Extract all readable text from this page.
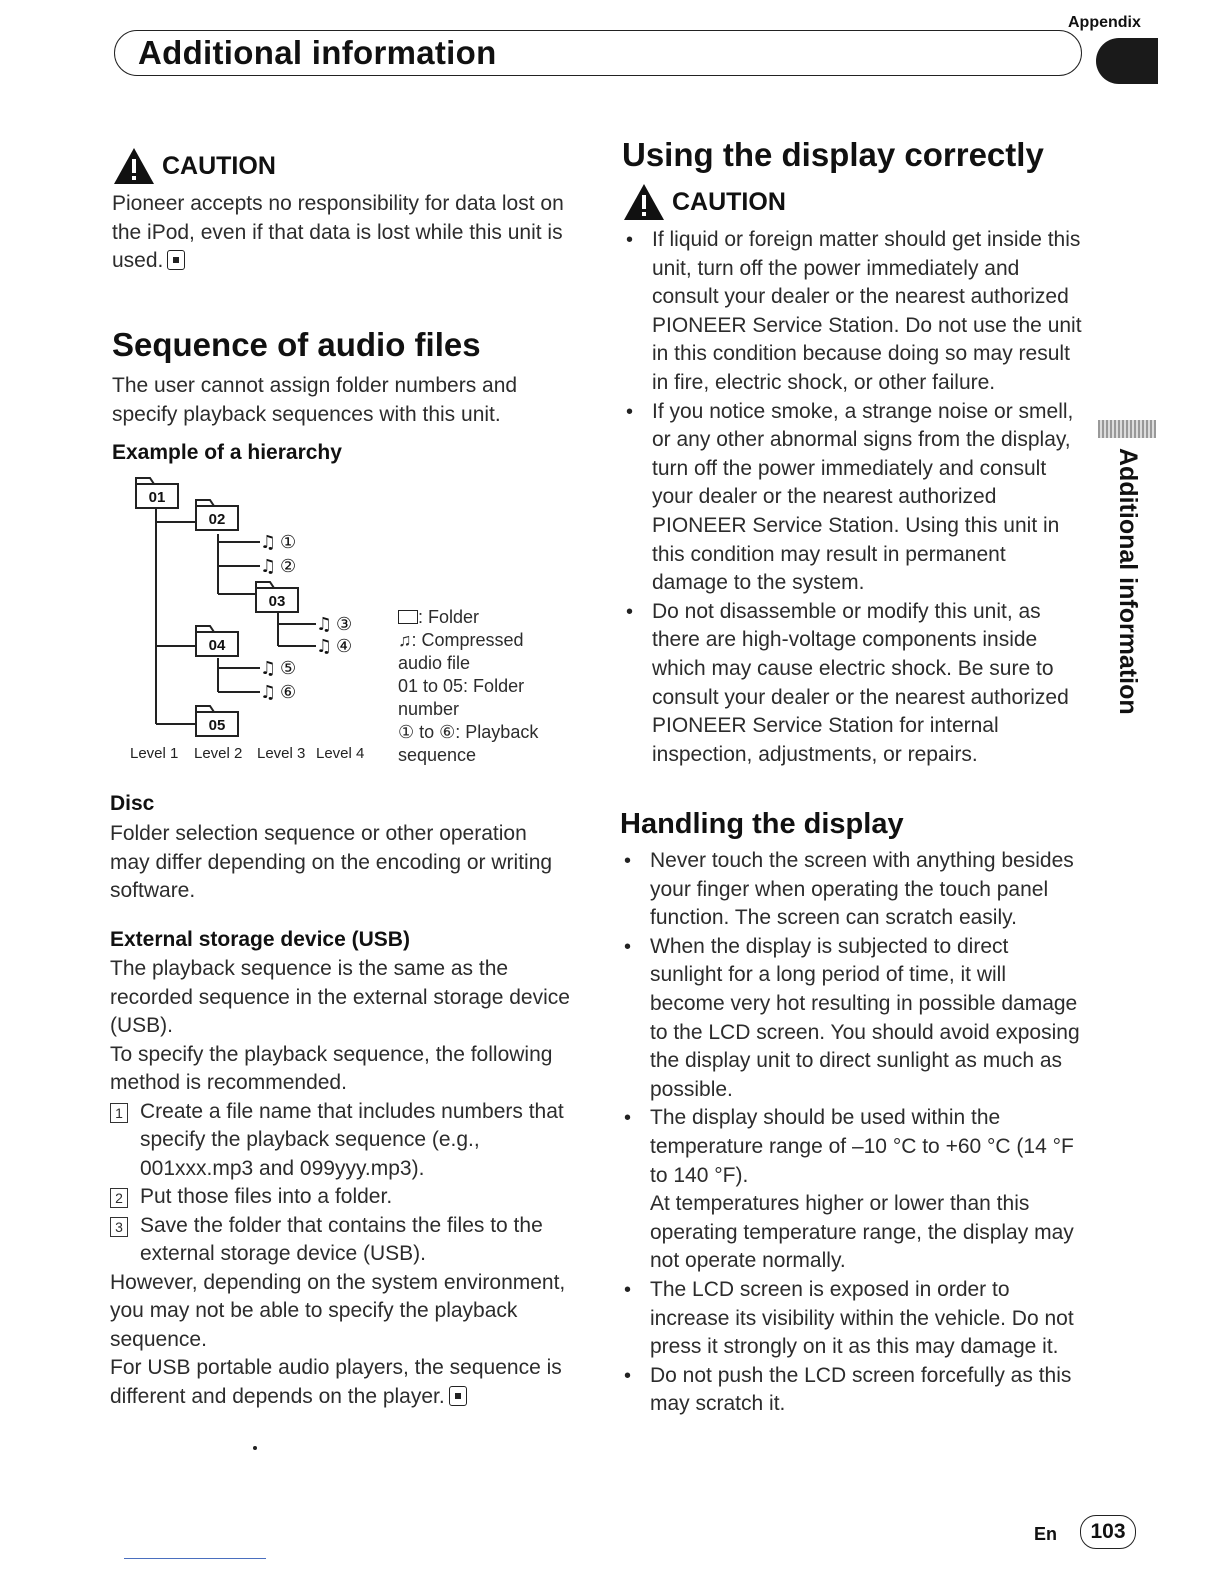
Appendix
Additional information
Additional information
CAUTION
Pioneer accepts no responsibility for data lost on the iPod, even if that data is lost while this unit is used.
Sequence of audio files
The user cannot assign folder numbers and specify playback sequences with this unit.
Example of a hierarchy
01
02
03
04
05
♫ ①
♫ ②
♫ ③
♫ ④
♫ ⑤
♫ ⑥
Level 1 Level 2 Level 3 Level 4
: Folder
♫: Compressed audio file
01 to 05: Folder number
① to ⑥: Playback sequence
Disc
Folder selection sequence or other operation may differ depending on the encoding or writing software.
External storage device (USB)
The playback sequence is the same as the recorded sequence in the external storage device (USB).
To specify the playback sequence, the following method is recommended.
1 Create a file name that includes numbers that specify the playback sequence (e.g., 001xxx.mp3 and 099yyy.mp3).
2 Put those files into a folder.
3 Save the folder that contains the files to the external storage device (USB).
However, depending on the system environment, you may not be able to specify the playback sequence.
For USB portable audio players, the sequence is different and depends on the player.
Using the display correctly
CAUTION
• If liquid or foreign matter should get inside this unit, turn off the power immediately and consult your dealer or the nearest authorized PIONEER Service Station. Do not use the unit in this condition because doing so may result in fire, electric shock, or other failure.
• If you notice smoke, a strange noise or smell, or any other abnormal signs from the display, turn off the power immediately and consult your dealer or the nearest authorized PIONEER Service Station. Using this unit in this condition may result in permanent damage to the system.
• Do not disassemble or modify this unit, as there are high-voltage components inside which may cause electric shock. Be sure to consult your dealer or the nearest authorized PIONEER Service Station for internal inspection, adjustments, or repairs.
Handling the display
• Never touch the screen with anything besides your finger when operating the touch panel function. The screen can scratch easily.
• When the display is subjected to direct sunlight for a long period of time, it will become very hot resulting in possible damage to the LCD screen. You should avoid exposing the display unit to direct sunlight as much as possible.
• The display should be used within the temperature range of –10 °C to +60 °C (14 °F to 140 °F).
At temperatures higher or lower than this operating temperature range, the display may not operate normally.
• The LCD screen is exposed in order to increase its visibility within the vehicle. Do not press it strongly on it as this may damage it.
• Do not push the LCD screen forcefully as this may scratch it.
En	103
